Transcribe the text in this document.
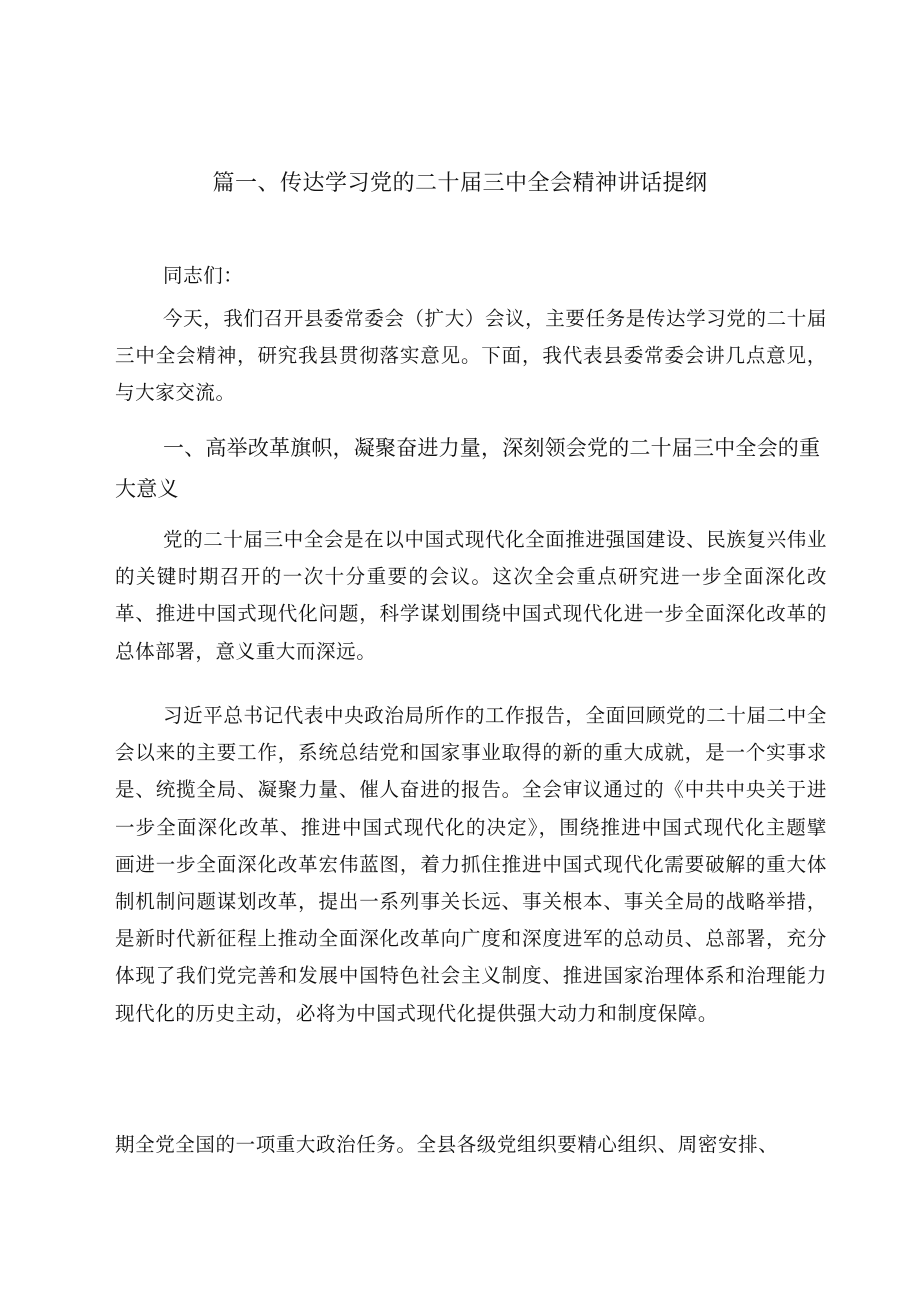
篇一、传达学习党的二十届三中全会精神讲话提纲

同志们：

今天，我们召开县委常委会（扩大）会议，主要任务是传达学习党的二十届三中全会精神，研究我县贯彻落实意见。下面，我代表县委常委会讲几点意见，与大家交流。

一、高举改革旗帜，凝聚奋进力量，深刻领会党的二十届三中全会的重大意义

党的二十届三中全会是在以中国式现代化全面推进强国建设、民族复兴伟业的关键时期召开的一次十分重要的会议。这次全会重点研究进一步全面深化改革、推进中国式现代化问题，科学谋划围绕中国式现代化进一步全面深化改革的总体部署，意义重大而深远。

习近平总书记代表中央政治局所作的工作报告，全面回顾党的二十届二中全会以来的主要工作，系统总结党和国家事业取得的新的重大成就，是一个实事求是、统揽全局、凝聚力量、催人奋进的报告。全会审议通过的《中共中央关于进一步全面深化改革、推进中国式现代化的决定》，围绕推进中国式现代化主题擘画进一步全面深化改革宏伟蓝图，着力抓住推进中国式现代化需要破解的重大体制机制问题谋划改革，提出一系列事关长远、事关根本、事关全局的战略举措，是新时代新征程上推动全面深化改革向广度和深度进军的总动员、总部署，充分体现了我们党完善和发展中国特色社会主义制度、推进国家治理体系和治理能力现代化的历史主动，必将为中国式现代化提供强大动力和制度保障。

期全党全国的一项重大政治任务。全县各级党组织要精心组织、周密安排、
